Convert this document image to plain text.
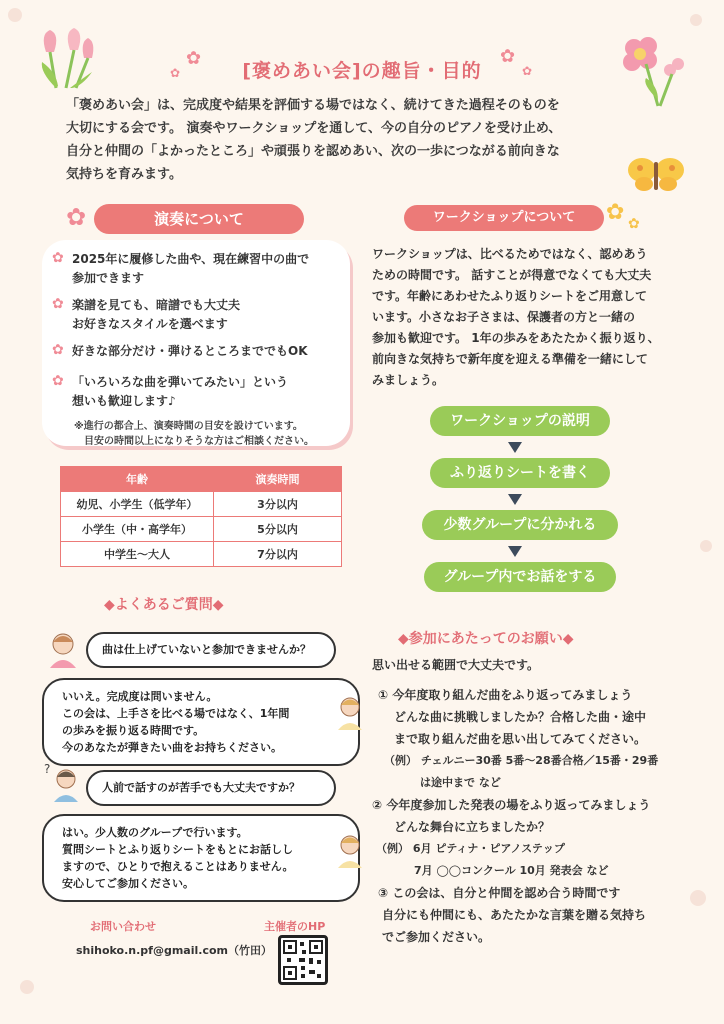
✿
✿
✿
✿
[褒めあい会]の趣旨・目的
「褒めあい会」は、完成度や結果を評価する場ではなく、続けてきた過程そのものを
大切にする会です。 演奏やワークショップを通して、今の自分のピアノを受け止め、
自分と仲間の「よかったところ」や頑張りを認めあい、次の一歩につながる前向きな
気持ちを育みます。
演奏について
✿
✿ 2025年に履修した曲や、現在練習中の曲で
参加できます
✿ 楽譜を見ても、暗譜でも大丈夫
お好きなスタイルを選べます
✿ 好きな部分だけ・弾けるところまででもOK
✿ 「いろいろな曲を弾いてみたい」という
想いも歓迎します♪
※進行の都合上、演奏時間の目安を設けています。
目安の時間以上になりそうな方はご相談ください。
年齢	演奏時間
幼児、小学生（低学年）	3分以内
小学生（中・高学年）	5分以内
中学生〜大人	7分以内
ワークショップについて	✿ ✿
ワークショップは、比べるためではなく、認めあう
ための時間です。 話すことが得意でなくても大丈夫
です。年齢にあわせたふり返りシートをご用意して
います。小さなお子さまは、保護者の方と一緒の
参加も歓迎です。 1年の歩みをあたたかく振り返り、
前向きな気持ちで新年度を迎える準備を一緒にして
みましょう。
ワークショップの説明
ふり返りシートを書く
少数グループに分かれる
グループ内でお話をする
◆よくあるご質問◆
曲は仕上げていないと参加できませんか？
いいえ。完成度は問いません。
この会は、上手さを比べる場ではなく、1年間
の歩みを振り返る時間です。
今のあなたが弾きたい曲をお持ちください。
?
人前で話すのが苦手でも大丈夫ですか？
はい。少人数のグループで行います。
質問シートとふり返りシートをもとにお話しし
ますので、ひとりで抱えることはありません。
安心してご参加ください。
◆参加にあたってのお願い◆
思い出せる範囲で大丈夫です。
① 今年度取り組んだ曲をふり返ってみましょう
どんな曲に挑戦しましたか？合格した曲・途中
まで取り組んだ曲を思い出してみてください。
（例） チェルニー30番 5番〜28番合格／15番・29番
は途中まで など
② 今年度参加した発表の場をふり返ってみましょう
どんな舞台に立ちましたか？
（例） 6月 ピティナ・ピアノステップ
7月 ◯◯コンクール 10月 発表会 など
③ この会は、自分と仲間を認め合う時間です
自分にも仲間にも、あたたかな言葉を贈る気持ち
でご参加ください。
お問い合わせ
shihoko.n.pf@gmail.com（竹田）
主催者のHP
